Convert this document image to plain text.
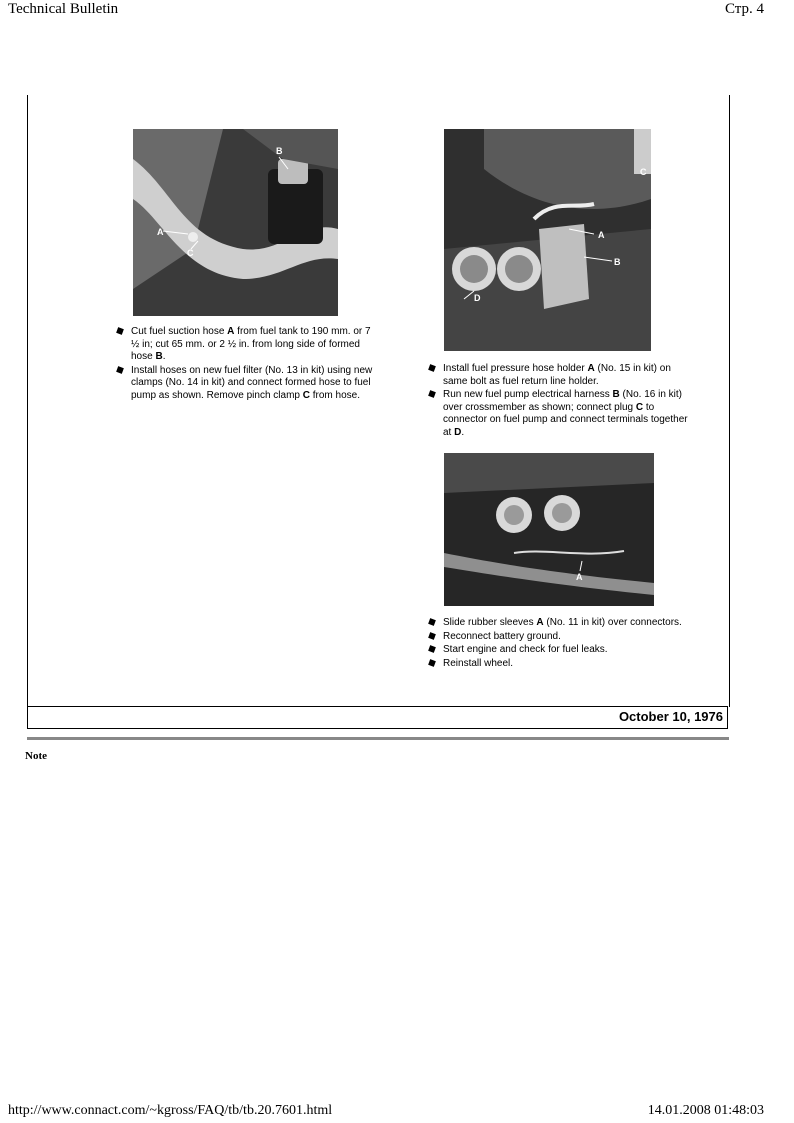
Technical Bulletin	Стр. 4
B
A
C
A
B
C
D
A
Cut fuel suction hose A from fuel tank to 190 mm. or 7 ½ in; cut 65 mm. or 2 ½ in. from long side of formed hose B.
Install hoses on new fuel filter (No. 13 in kit) using new clamps (No. 14 in kit) and connect formed hose to fuel pump as shown. Remove pinch clamp C from hose.
Install fuel pressure hose holder A (No. 15 in kit) on same bolt as fuel return line holder.
Run new fuel pump electrical harness B (No. 16 in kit) over crossmember as shown; connect plug C to connector on fuel pump and connect terminals together at D.
Slide rubber sleeves A (No. 11 in kit) over connectors.
Reconnect battery ground.
Start engine and check for fuel leaks.
Reinstall wheel.
October 10, 1976
Note
http://www.connact.com/~kgross/FAQ/tb/tb.20.7601.html	14.01.2008 01:48:03
